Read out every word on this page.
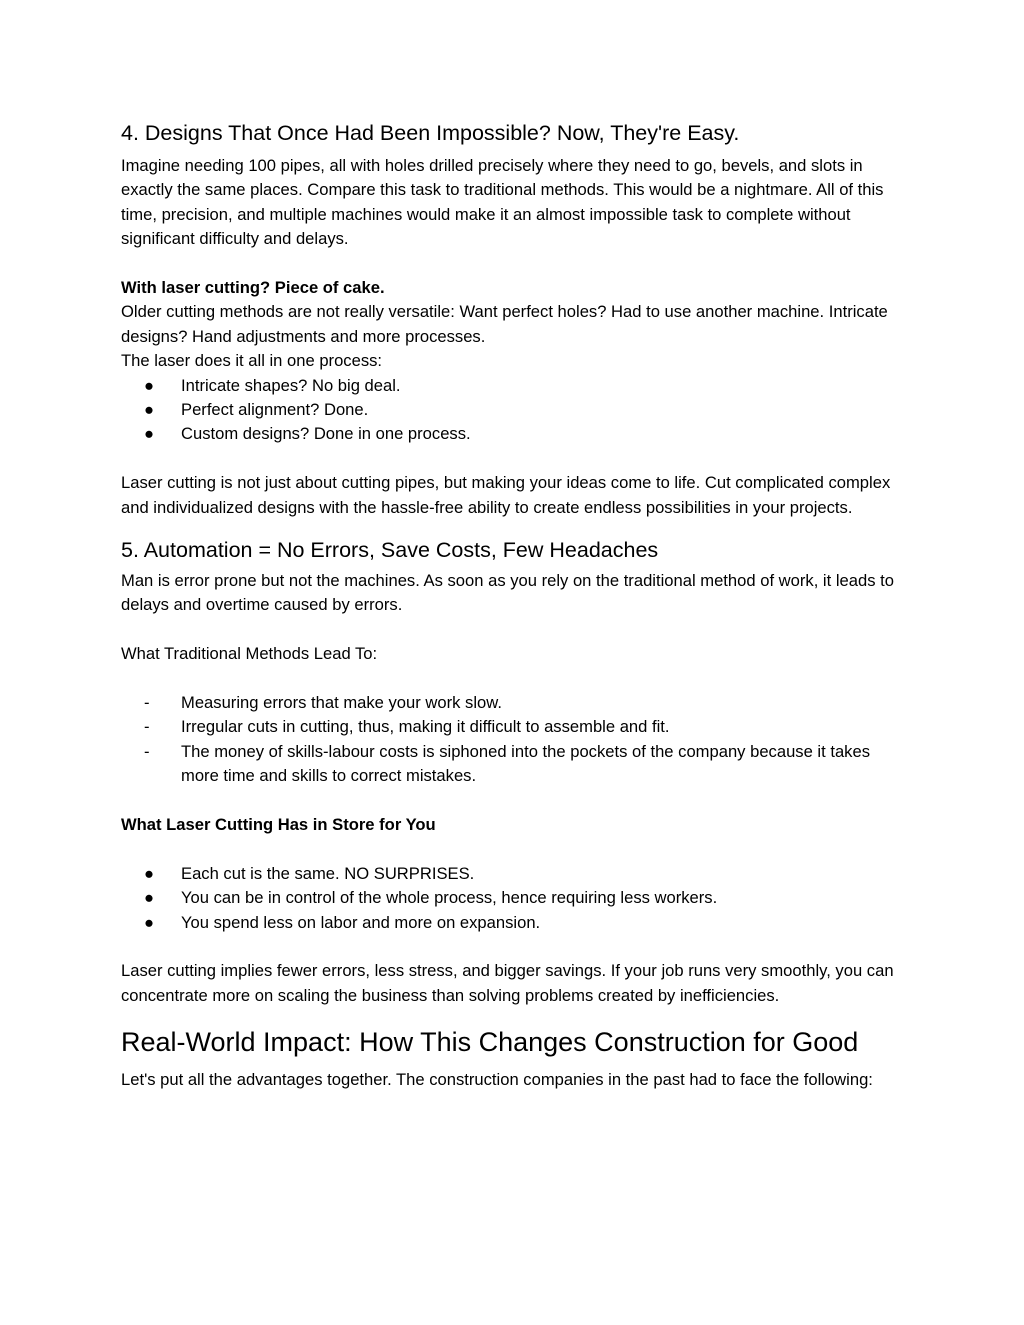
4. Designs That Once Had Been Impossible? Now, They're Easy.

Imagine needing 100 pipes, all with holes drilled precisely where they need to go, bevels, and slots in exactly the same places. Compare this task to traditional methods. This would be a nightmare. All of this time, precision, and multiple machines would make it an almost impossible task to complete without significant difficulty and delays.

With laser cutting? Piece of cake.

Older cutting methods are not really versatile: Want perfect holes? Had to use another machine. Intricate designs? Hand adjustments and more processes.

The laser does it all in one process:

●	Intricate shapes? No big deal.
●	Perfect alignment? Done.
●	Custom designs? Done in one process.

Laser cutting is not just about cutting pipes, but making your ideas come to life. Cut complicated complex and individualized designs with the hassle-free ability to create endless possibilities in your projects.

5. Automation = No Errors, Save Costs, Few Headaches

Man is error prone but not the machines. As soon as you rely on the traditional method of work, it leads to delays and overtime caused by errors.

What Traditional Methods Lead To:

-	Measuring errors that make your work slow.
-	Irregular cuts in cutting, thus, making it difficult to assemble and fit.
-	The money of skills-labour costs is siphoned into the pockets of the company because it takes more time and skills to correct mistakes.

What Laser Cutting Has in Store for You

●	Each cut is the same. NO SURPRISES.
●	You can be in control of the whole process, hence requiring less workers.
●	You spend less on labor and more on expansion.

Laser cutting implies fewer errors, less stress, and bigger savings. If your job runs very smoothly, you can concentrate more on scaling the business than solving problems created by inefficiencies.

Real-World Impact: How This Changes Construction for Good

Let's put all the advantages together. The construction companies in the past had to face the following:
